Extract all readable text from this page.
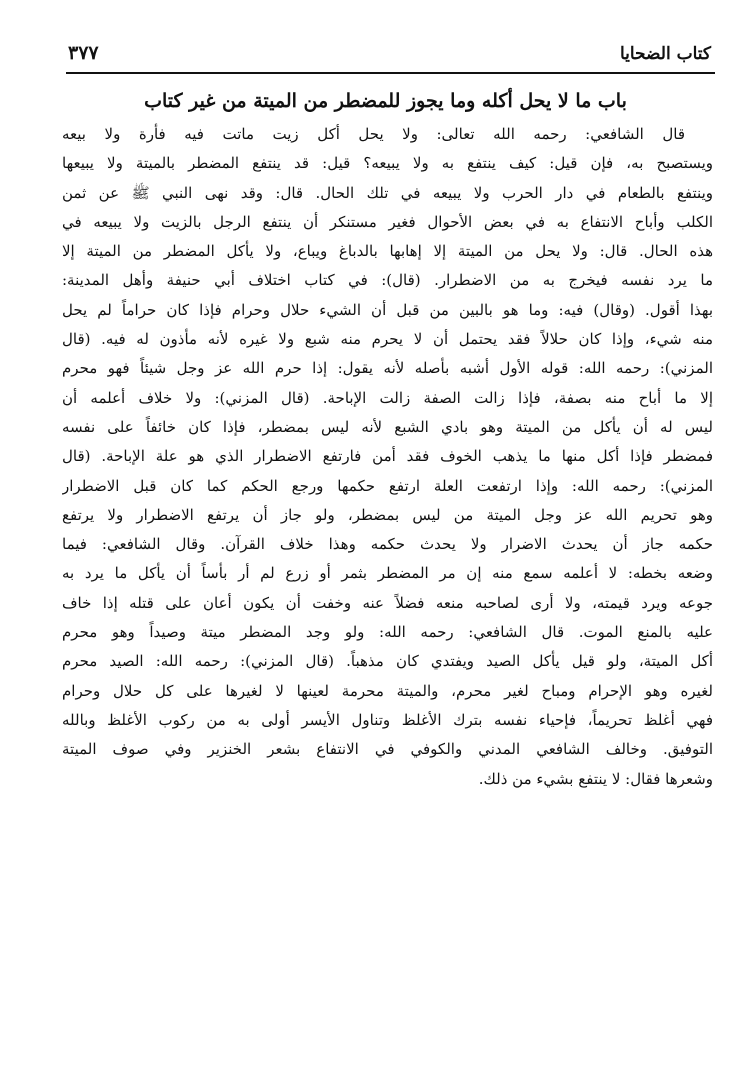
كتاب الضحايا
٣٧٧
باب ما لا يحل أكله وما يجوز للمضطر من الميتة من غير كتاب
قال الشافعي: رحمه الله تعالى: ولا يحل أكل زيت ماتت فيه فأرة ولا بيعه
ويستصبح به، فإن قيل: كيف ينتفع به ولا يبيعه؟ قيل: قد ينتفع المضطر بالميتة ولا يبيعها
وينتفع بالطعام في دار الحرب ولا يبيعه في تلك الحال. قال: وقد نهى النبي ﷺ عن ثمن
الكلب وأباح الانتفاع به في بعض الأحوال فغير مستنكر أن ينتفع الرجل بالزيت ولا يبيعه في
هذه الحال. قال: ولا يحل من الميتة إلا إهابها بالدباغ ويباع، ولا يأكل المضطر من الميتة إلا
ما يرد نفسه فيخرج به من الاضطرار. (قال): في كتاب اختلاف أبي حنيفة وأهل المدينة:
بهذا أقول. (وقال) فيه: وما هو بالبين من قبل أن الشيء حلال وحرام فإذا كان حراماً لم يحل
منه شيء، وإذا كان حلالاً فقد يحتمل أن لا يحرم منه شبع ولا غيره لأنه مأذون له فيه. (قال
المزني): رحمه الله: قوله الأول أشبه بأصله لأنه يقول: إذا حرم الله عز وجل شيئاً فهو محرم
إلا ما أباح منه بصفة، فإذا زالت الصفة زالت الإباحة. (قال المزني): ولا خلاف أعلمه أن
ليس له أن يأكل من الميتة وهو بادي الشبع لأنه ليس بمضطر، فإذا كان خائفاً على نفسه
فمضطر فإذا أكل منها ما يذهب الخوف فقد أمن فارتفع الاضطرار الذي هو علة الإباحة. (قال
المزني): رحمه الله: وإذا ارتفعت العلة ارتفع حكمها ورجع الحكم كما كان قبل الاضطرار
وهو تحريم الله عز وجل الميتة من ليس بمضطر، ولو جاز أن يرتفع الاضطرار ولا يرتفع
حكمه جاز أن يحدث الاضرار ولا يحدث حكمه وهذا خلاف القرآن. وقال الشافعي: فيما
وضعه بخطه: لا أعلمه سمع منه إن مر المضطر بثمر أو زرع لم أر بأساً أن يأكل ما يرد به
جوعه ويرد قيمته، ولا أرى لصاحبه منعه فضلاً عنه وخفت أن يكون أعان على قتله إذا خاف
عليه بالمنع الموت. قال الشافعي: رحمه الله: ولو وجد المضطر ميتة وصيداً وهو محرم
أكل الميتة، ولو قيل يأكل الصيد ويفتدي كان مذهباً. (قال المزني): رحمه الله: الصيد محرم
لغيره وهو الإحرام ومباح لغير محرم، والميتة محرمة لعينها لا لغيرها على كل حلال وحرام
فهي أغلظ تحريماً، فإحياء نفسه بترك الأغلظ وتناول الأيسر أولى به من ركوب الأغلظ وبالله
التوفيق. وخالف الشافعي المدني والكوفي في الانتفاع بشعر الخنزير وفي صوف الميتة
وشعرها فقال: لا ينتفع بشيء من ذلك.
